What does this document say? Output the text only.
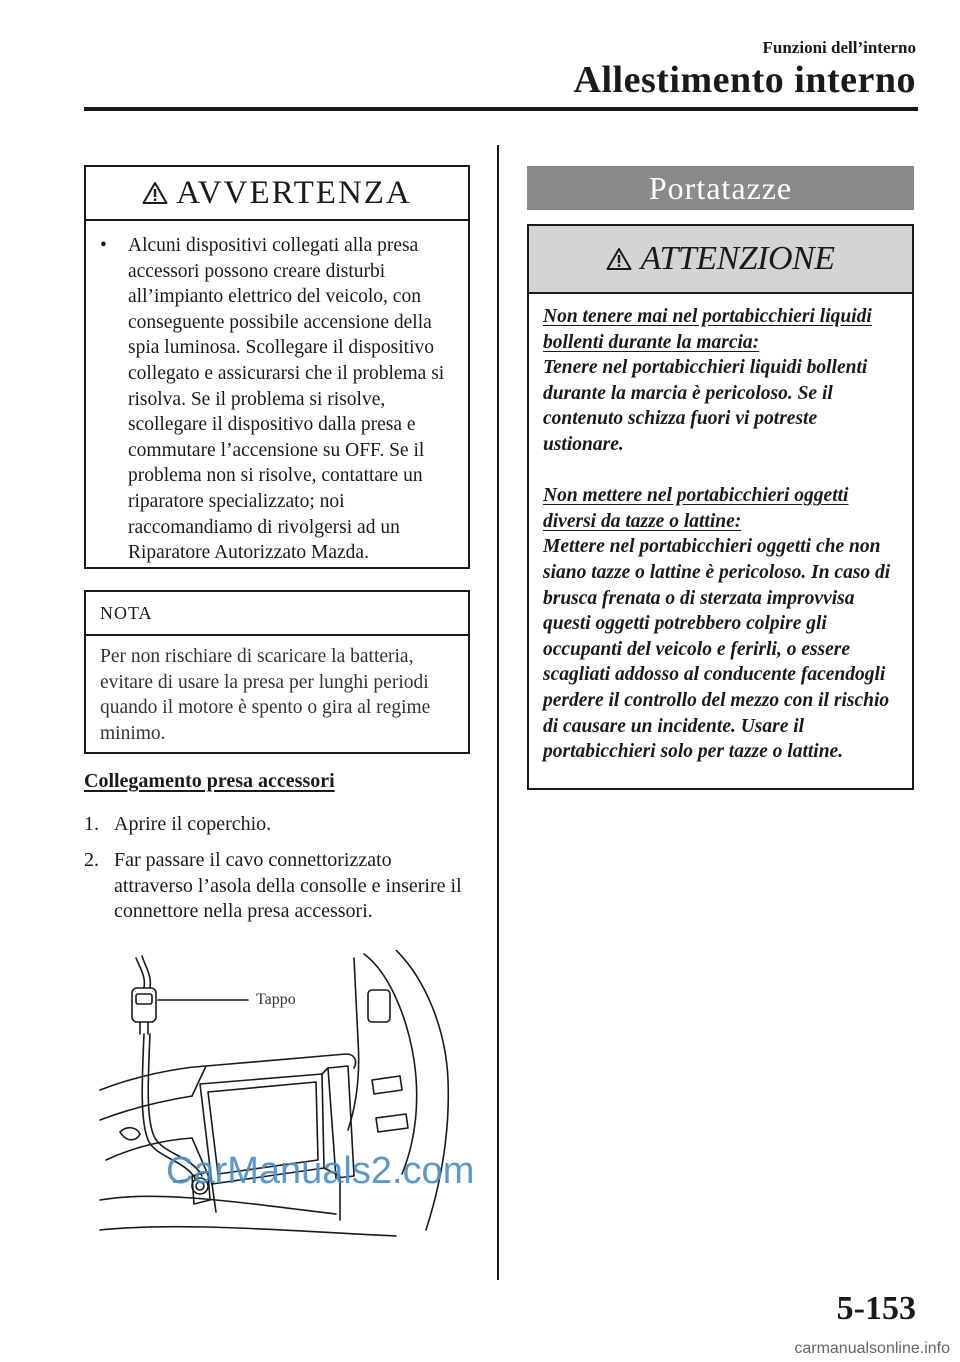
Funzioni dell’interno
Allestimento interno
AVVERTENZA
•	Alcuni dispositivi collegati alla presa accessori possono creare disturbi all’impianto elettrico del veicolo, con conseguente possibile accensione della spia luminosa. Scollegare il dispositivo collegato e assicurarsi che il problema si risolva. Se il problema si risolve, scollegare il dispositivo dalla presa e commutare l’accensione su OFF. Se il problema non si risolve, contattare un riparatore specializzato; noi raccomandiamo di rivolgersi ad un Riparatore Autorizzato Mazda.
NOTA
Per non rischiare di scaricare la batteria, evitare di usare la presa per lunghi periodi quando il motore è spento o gira al regime minimo.
Collegamento presa accessori
1. Aprire il coperchio.
2. Far passare il cavo connettorizzato attraverso l’asola della consolle e inserire il connettore nella presa accessori.
Tappo
CarManuals2.com
Portatazze
ATTENZIONE
Non tenere mai nel portabicchieri liquidi bollenti durante la marcia:
Tenere nel portabicchieri liquidi bollenti durante la marcia è pericoloso. Se il contenuto schizza fuori vi potreste ustionare.
Non mettere nel portabicchieri oggetti diversi da tazze o lattine:
Mettere nel portabicchieri oggetti che non siano tazze o lattine è pericoloso. In caso di brusca frenata o di sterzata improvvisa questi oggetti potrebbero colpire gli occupanti del veicolo e ferirli, o essere scagliati addosso al conducente facendogli perdere il controllo del mezzo con il rischio di causare un incidente. Usare il portabicchieri solo per tazze o lattine.
5-153
carmanualsonline.info
